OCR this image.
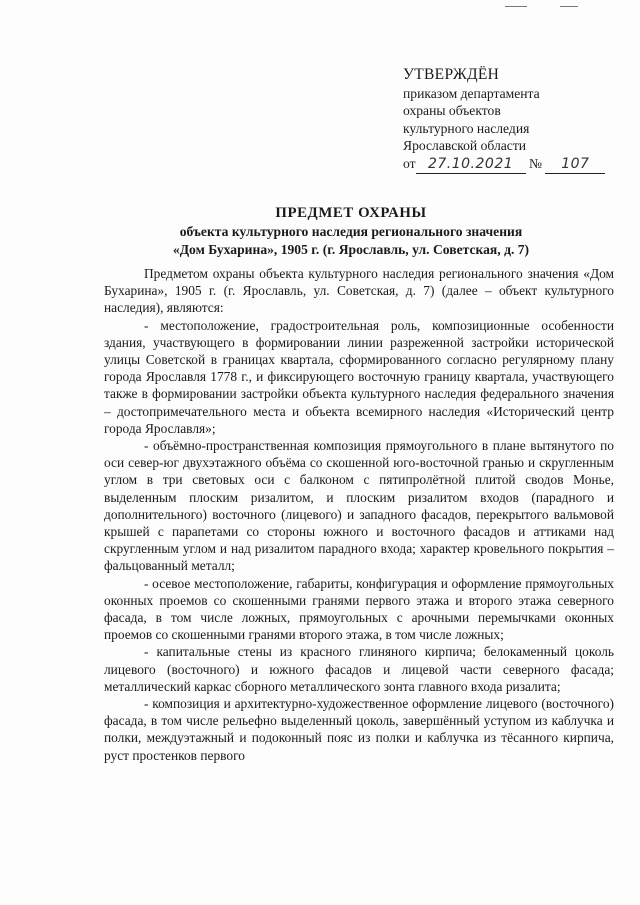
УТВЕРЖДЁН
приказом департамента
охраны объектов
культурного наследия
Ярославской области
от 27.10.2021 № 107
ПРЕДМЕТ ОХРАНЫ
объекта культурного наследия регионального значения
«Дом Бухарина», 1905 г. (г. Ярославль, ул. Советская, д. 7)

Предметом охраны объекта культурного наследия регионального значения «Дом Бухарина», 1905 г. (г. Ярославль, ул. Советская, д. 7) (далее – объект культурного наследия), являются:

- местоположение, градостроительная роль, композиционные особенности здания, участвующего в формировании линии разреженной застройки исторической улицы Советской в границах квартала, сформированного согласно регулярному плану города Ярославля 1778 г., и фиксирующего восточную границу квартала, участвующего также в формировании застройки объекта культурного наследия федерального значения – достопримечательного места и объекта всемирного наследия «Исторический центр города Ярославля»;

- объёмно-пространственная композиция прямоугольного в плане вытянутого по оси север-юг двухэтажного объёма со скошенной юго-восточной гранью и скругленным углом в три световых оси с балконом с пятипролётной плитой сводов Монье, выделенным плоским ризалитом, и плоским ризалитом входов (парадного и дополнительного) восточного (лицевого) и западного фасадов, перекрытого вальмовой крышей с парапетами со стороны южного и восточного фасадов и аттиками над скругленным углом и над ризалитом парадного входа; характер кровельного покрытия – фальцованный металл;

- осевое местоположение, габариты, конфигурация и оформление прямоугольных оконных проемов со скошенными гранями первого этажа и второго этажа северного фасада, в том числе ложных, прямоугольных с арочными перемычками оконных проемов со скошенными гранями второго этажа, в том числе ложных;

- капитальные стены из красного глиняного кирпича; белокаменный цоколь лицевого (восточного) и южного фасадов и лицевой части северного фасада; металлический каркас сборного металлического зонта главного входа ризалита;

- композиция и архитектурно-художественное оформление лицевого (восточного) фасада, в том числе рельефно выделенный цоколь, завершённый уступом из каблучка и полки, междуэтажный и подоконный пояс из полки и каблучка из тёсанного кирпича, руст простенков первого
